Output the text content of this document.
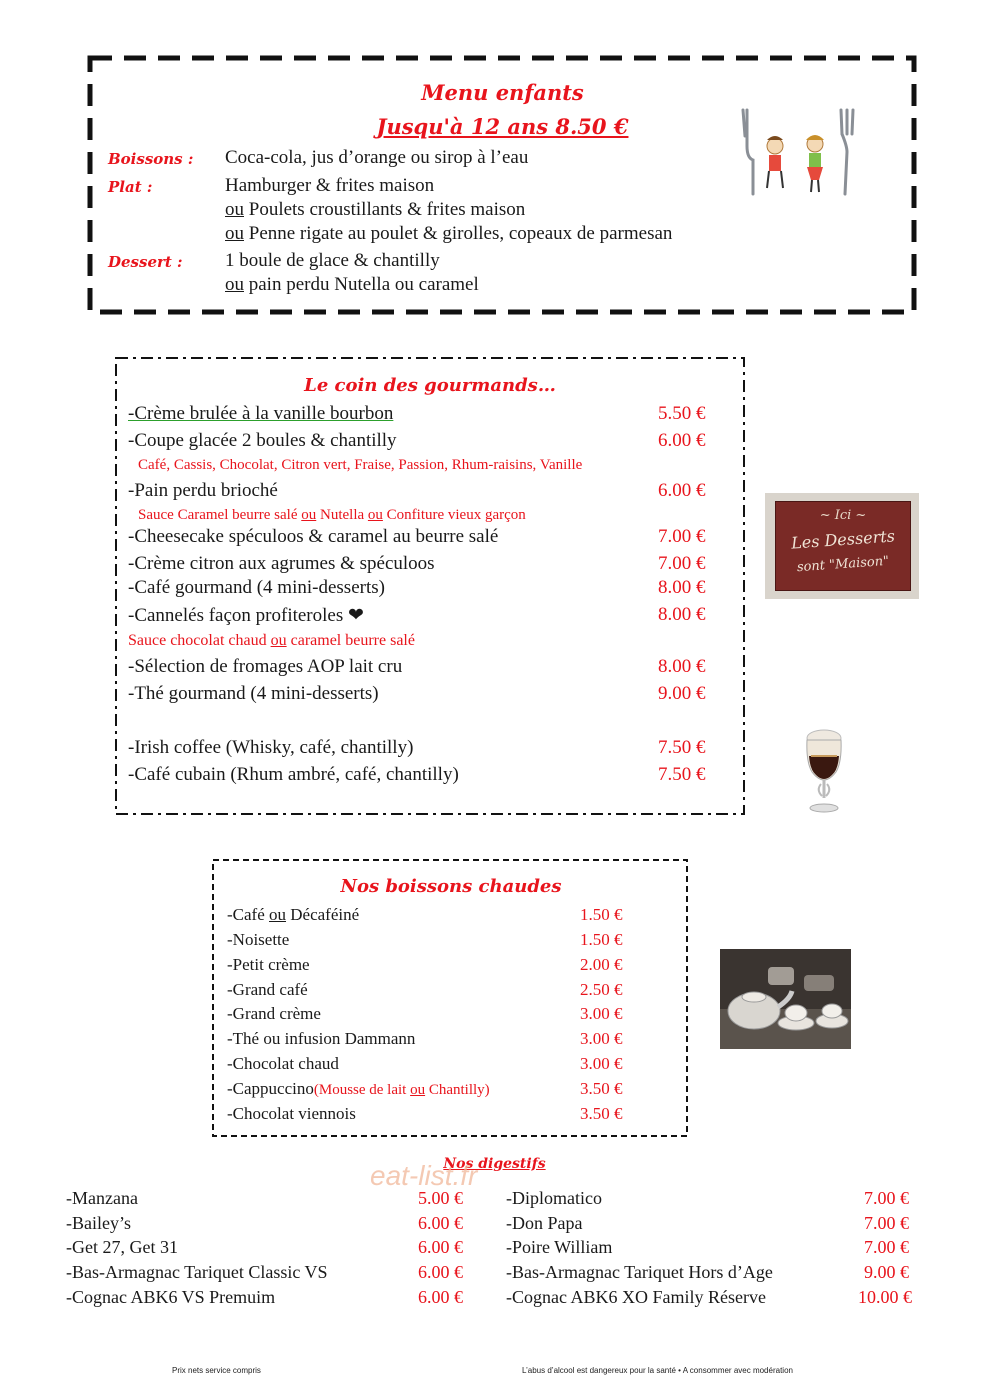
Menu enfants
Jusqu'à 12 ans 8.50 €
Boissons : Coca-cola, jus d’orange ou sirop à l’eau
Plat :	Hamburger & frites maison
ou Poulets croustillants & frites maison
ou Penne rigate au poulet & girolles, copeaux de parmesan
Dessert : 1 boule de glace & chantilly
ou pain perdu Nutella ou caramel
Le coin des gourmands…
-Crème brulée à la vanille bourbon	5.50 €
-Coupe glacée 2 boules & chantilly	6.00 €
Café, Cassis, Chocolat, Citron vert, Fraise, Passion, Rhum-raisins, Vanille
-Pain perdu brioché	6.00 €
Sauce Caramel beurre salé ou Nutella ou Confiture vieux garçon
-Cheesecake spéculoos & caramel au beurre salé	7.00 €
-Crème citron aux agrumes & spéculoos	7.00 €
-Café gourmand (4 mini-desserts)	8.00 €
-Cannelés façon profiteroles ❤	8.00 €
Sauce chocolat chaud ou caramel beurre salé
-Sélection de fromages AOP lait cru	8.00 €
-Thé gourmand (4 mini-desserts)	9.00 €
-Irish coffee (Whisky, café, chantilly)	7.50 €
-Café cubain (Rhum ambré, café, chantilly)	7.50 €
~ Ici ~
Les Desserts
sont "Maison"
Nos boissons chaudes
-Café ou Décaféiné	1.50 €
-Noisette	1.50 €
-Petit crème	2.00 €
-Grand café	2.50 €
-Grand crème	3.00 €
-Thé ou infusion Dammann	3.00 €
-Chocolat chaud	3.00 €
-Cappuccino(Mousse de lait ou Chantilly)	3.50 €
-Chocolat viennois	3.50 €
Nos digestifs
eat-list.fr
-Manzana	5.00 €
-Bailey’s	6.00 €
-Get 27, Get 31	6.00 €
-Bas-Armagnac Tariquet Classic VS	6.00 €
-Cognac ABK6 VS Premuim	6.00 €
-Diplomatico	7.00 €
-Don Papa	7.00 €
-Poire William	7.00 €
-Bas-Armagnac Tariquet Hors d’Age	9.00 €
-Cognac ABK6 XO Family Réserve	10.00 €
Prix nets service compris	L’abus d’alcool est dangereux pour la santé • A consommer avec modération
